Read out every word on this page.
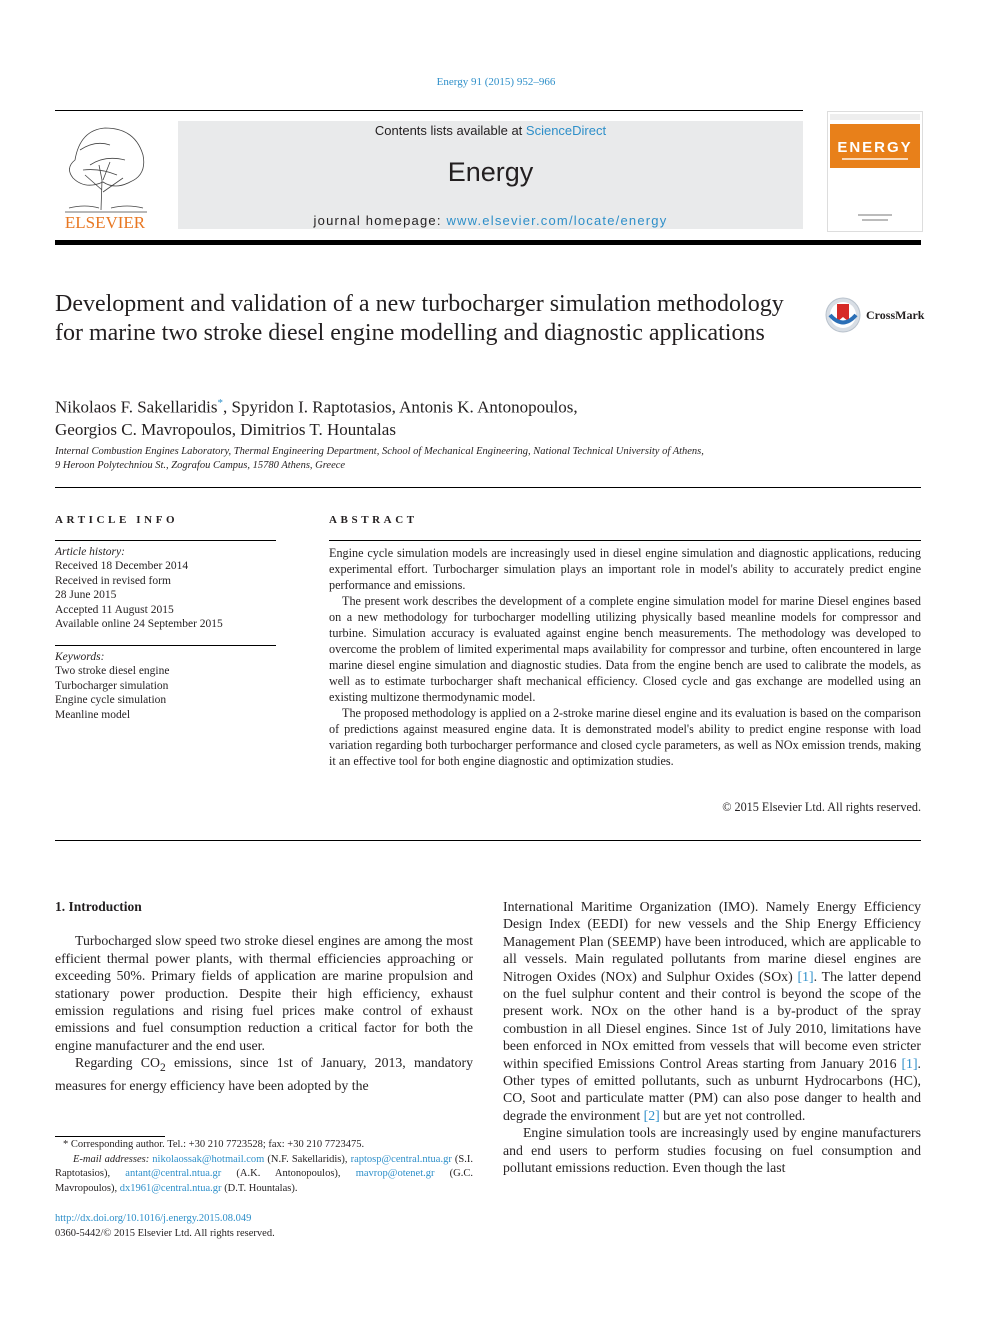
Energy 91 (2015) 952–966
ELSEVIER
Contents lists available at ScienceDirect
Energy
journal homepage: www.elsevier.com/locate/energy
ENERGY
Development and validation of a new turbocharger simulation methodology for marine two stroke diesel engine modelling and diagnostic applications
CrossMark
Nikolaos F. Sakellaridis*, Spyridon I. Raptotasios, Antonis K. Antonopoulos,
Georgios C. Mavropoulos, Dimitrios T. Hountalas
Internal Combustion Engines Laboratory, Thermal Engineering Department, School of Mechanical Engineering, National Technical University of Athens,
9 Heroon Polytechniou St., Zografou Campus, 15780 Athens, Greece
ARTICLE INFO	ABSTRACT
Article history:
Received 18 December 2014
Received in revised form
28 June 2015
Accepted 11 August 2015
Available online 24 September 2015
Keywords:
Two stroke diesel engine
Turbocharger simulation
Engine cycle simulation
Meanline model

Engine cycle simulation models are increasingly used in diesel engine simulation and diagnostic applications, reducing experimental effort. Turbocharger simulation plays an important role in model's ability to accurately predict engine performance and emissions.

The present work describes the development of a complete engine simulation model for marine Diesel engines based on a new methodology for turbocharger modelling utilizing physically based meanline models for compressor and turbine. Simulation accuracy is evaluated against engine bench measurements. The methodology was developed to overcome the problem of limited experimental maps availability for compressor and turbine, often encountered in large marine diesel engine simulation and diagnostic studies. Data from the engine bench are used to calibrate the models, as well as to estimate turbocharger shaft mechanical efficiency. Closed cycle and gas exchange are modelled using an existing multizone thermodynamic model.

The proposed methodology is applied on a 2-stroke marine diesel engine and its evaluation is based on the comparison of predictions against measured engine data. It is demonstrated model's ability to predict engine response with load variation regarding both turbocharger performance and closed cycle parameters, as well as NOx emission trends, making it an effective tool for both engine diagnostic and optimization studies.

© 2015 Elsevier Ltd. All rights reserved.
1. Introduction

Turbocharged slow speed two stroke diesel engines are among the most efficient thermal power plants, with thermal efficiencies approaching or exceeding 50%. Primary fields of application are marine propulsion and stationary power production. Despite their high efficiency, exhaust emission regulations and rising fuel prices make control of exhaust emissions and fuel consumption reduction a critical factor for both the engine manufacturer and the end user.

Regarding $CO_2$ emissions, since 1st of January, 2013, mandatory measures for energy efficiency have been adopted by the

International Maritime Organization (IMO). Namely Energy Efficiency Design Index (EEDI) for new vessels and the Ship Energy Efficiency Management Plan (SEEMP) have been introduced, which are applicable to all vessels. Main regulated pollutants from marine diesel engines are Nitrogen Oxides (NOx) and Sulphur Oxides (SOx) [1]. The latter depend on the fuel sulphur content and their control is beyond the scope of the present work. NOx on the other hand is a by-product of the spray combustion in all Diesel engines. Since 1st of July 2010, limitations have been enforced in NOx emitted from vessels that will become even stricter within specified Emissions Control Areas starting from January 2016 [1]. Other types of emitted pollutants, such as unburnt Hydrocarbons (HC), CO, Soot and particulate matter (PM) can also pose danger to health and degrade the environment [2] but are yet not controlled.

Engine simulation tools are increasingly used by engine manufacturers and end users to perform studies focusing on fuel consumption and pollutant emissions reduction. Even though the last

* Corresponding author. Tel.: +30 210 7723528; fax: +30 210 7723475.
E-mail addresses: nikolaossak@hotmail.com (N.F. Sakellaridis), raptosp@central.ntua.gr (S.I. Raptotasios), antant@central.ntua.gr (A.K. Antonopoulos), mavrop@otenet.gr (G.C. Mavropoulos), dx1961@central.ntua.gr (D.T. Hountalas).
http://dx.doi.org/10.1016/j.energy.2015.08.049
0360-5442/© 2015 Elsevier Ltd. All rights reserved.
